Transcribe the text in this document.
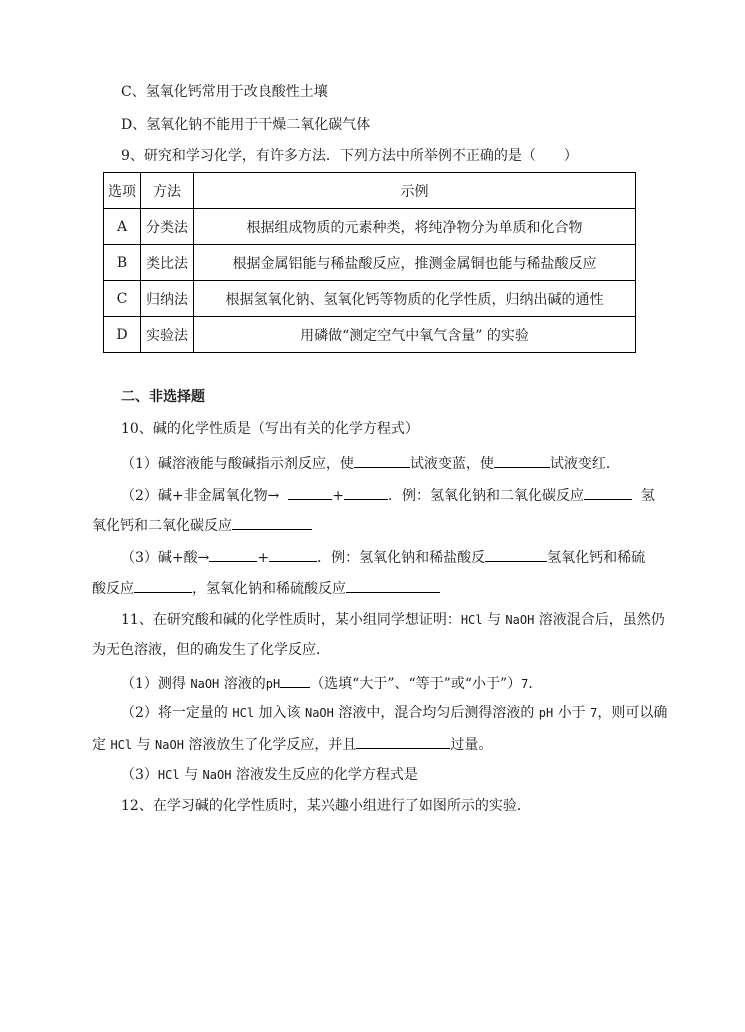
C、氢氧化钙常用于改良酸性土壤
D、氢氧化钠不能用于干燥二氧化碳气体
9、研究和学习化学，有许多方法．下列方法中所举例不正确的是（　　）
选项	方法	示例
A	分类法	根据组成物质的元素种类，将纯净物分为单质和化合物
B	类比法	根据金属铝能与稀盐酸反应，推测金属铜也能与稀盐酸反应
C	归纳法	根据氢氧化钠、氢氧化钙等物质的化学性质，归纳出碱的通性
D	实验法	用磷做“测定空气中氧气含量” 的实验
二、非选择题
10、碱的化学性质是（写出有关的化学方程式）
（1）碱溶液能与酸碱指示剂反应，使	试液变蓝，使	试液变红．
（2）碱+非金属氧化物→	+	．例：氢氧化钠和二氧化碳反应	氢
氧化钙和二氧化碳反应
（3）碱+酸→	+	．例：氢氧化钠和稀盐酸反	氢氧化钙和稀硫
酸反应	，氢氧化钠和稀硫酸反应
11、在研究酸和碱的化学性质时，某小组同学想证明：HCl 与 NaOH 溶液混合后，虽然仍
为无色溶液，但的确发生了化学反应．
（1）测得 NaOH 溶液的pH （选填“大于”、“等于”或“小于”）7．
（2）将一定量的 HCl 加入该 NaOH 溶液中，混合均匀后测得溶液的 pH 小于 7，则可以确
定 HCl 与 NaOH 溶液放生了化学反应，并且	过量。
（3）HCl 与 NaOH 溶液发生反应的化学方程式是
12、在学习碱的化学性质时，某兴趣小组进行了如图所示的实验．
